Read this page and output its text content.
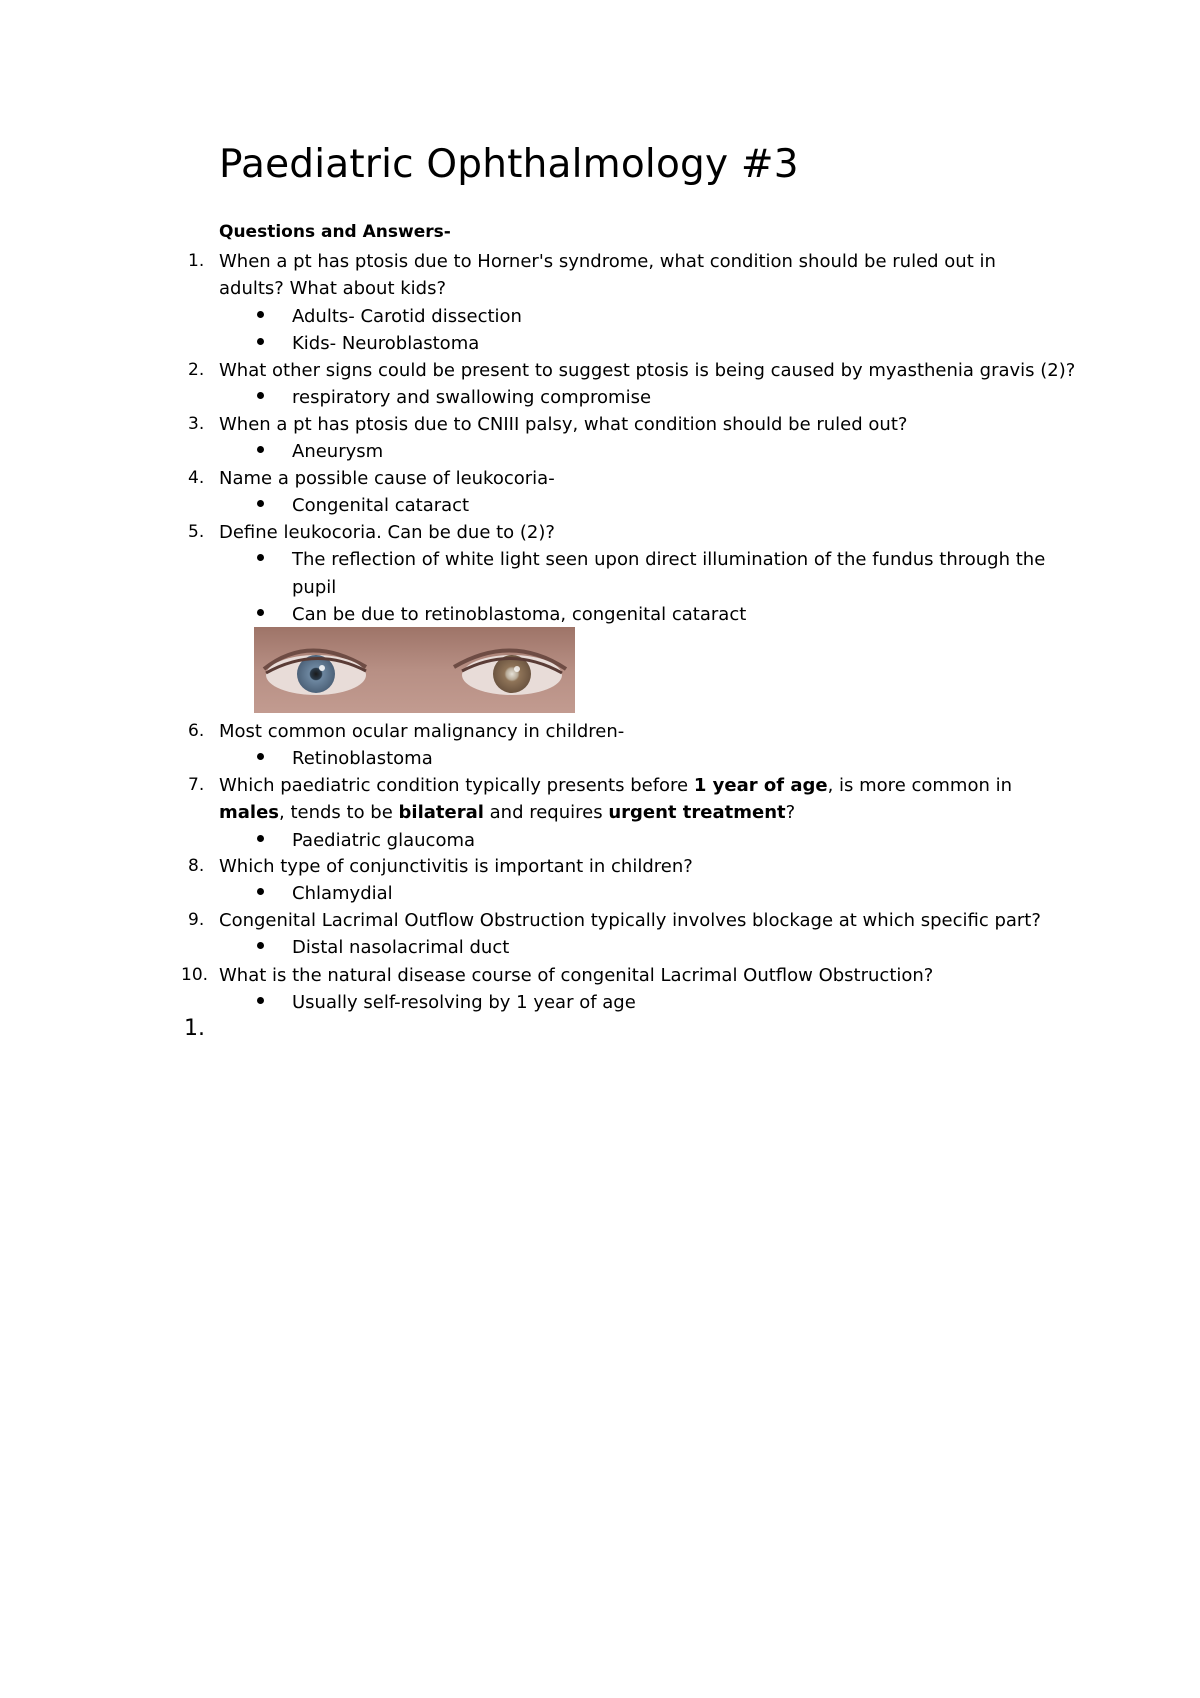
Paediatric Ophthalmology #3
Questions and Answers-
1. When a pt has ptosis due to Horner's syndrome, what condition should be ruled out in
adults? What about kids?
Adults- Carotid dissection
Kids- Neuroblastoma
2. What other signs could be present to suggest ptosis is being caused by myasthenia gravis (2)?
respiratory and swallowing compromise
3. When a pt has ptosis due to CNIII palsy, what condition should be ruled out?
Aneurysm
4. Name a possible cause of leukocoria-
Congenital cataract
5. Define leukocoria. Can be due to (2)?
The reflection of white light seen upon direct illumination of the fundus through the
pupil
Can be due to retinoblastoma, congenital cataract
6. Most common ocular malignancy in children-
Retinoblastoma
7. Which paediatric condition typically presents before 1 year of age, is more common in
males, tends to be bilateral and requires urgent treatment?
Paediatric glaucoma
8. Which type of conjunctivitis is important in children?
Chlamydial
9. Congenital Lacrimal Outflow Obstruction typically involves blockage at which specific part?
Distal nasolacrimal duct
10. What is the natural disease course of congenital Lacrimal Outflow Obstruction?
Usually self-resolving by 1 year of age
1.
